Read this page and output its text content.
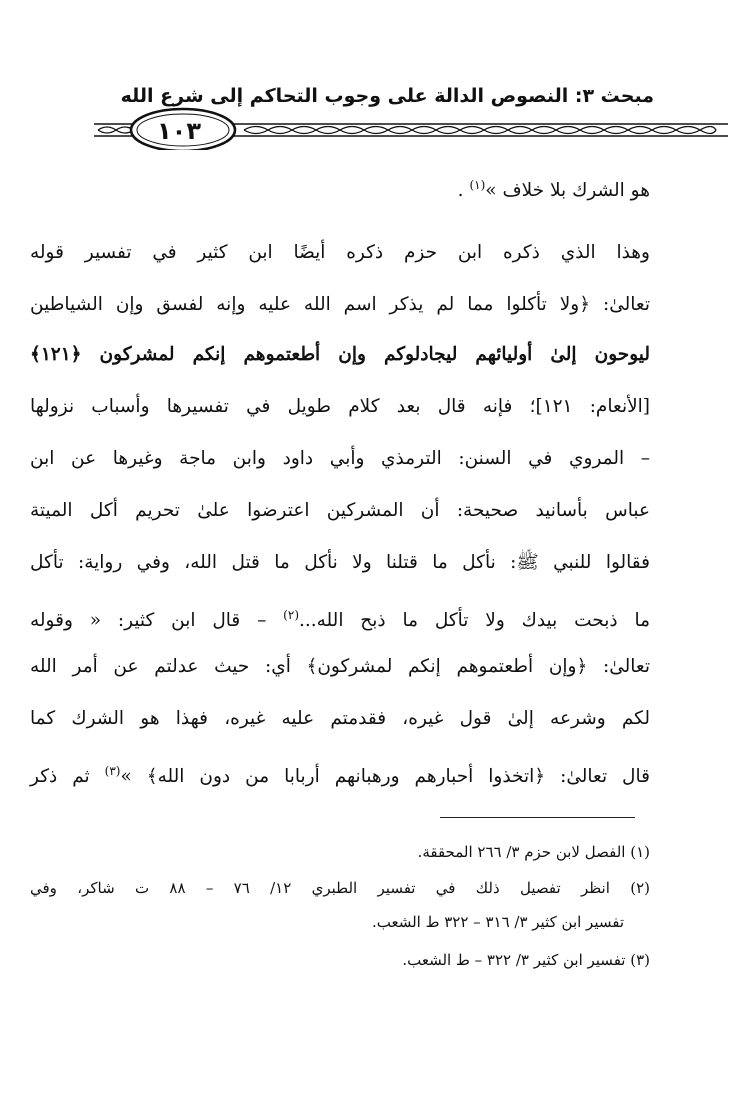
مبحث ٣: النصوص الدالة على وجوب التحاكم إلى شرع الله
١٠٣
هو الشرك بلا خلاف »$^{(١)}$ .
وهذا الذي ذكره ابن حزم ذكره أيضًا ابن كثير في تفسير قوله
تعالىٰ: ﴿ولا تأكلوا مما لم يذكر اسم الله عليه وإنه لفسق وإن الشياطين
ليوحون إلىٰ أوليائهم ليجادلوكم وإن أطعتموهم إنكم لمشركون ﴿١٢١﴾
[الأنعام: ١٢١]؛ فإنه قال بعد كلام طويل في تفسيرها وأسباب نزولها
– المروي في السنن: الترمذي وأبي داود وابن ماجة وغيرها عن ابن
عباس بأسانيد صحيحة: أن المشركين اعترضوا علىٰ تحريم أكل الميتة
فقالوا للنبي ﷺ: نأكل ما قتلنا ولا نأكل ما قتل الله، وفي رواية: تأكل
ما ذبحت بيدك ولا تأكل ما ذبح الله...$^{(٢)}$ – قال ابن كثير: « وقوله
تعالىٰ: ﴿وإن أطعتموهم إنكم لمشركون﴾ أي: حيث عدلتم عن أمر الله
لكم وشرعه إلىٰ قول غيره، فقدمتم عليه غيره، فهذا هو الشرك كما
قال تعالىٰ: ﴿اتخذوا أحبارهم ورهبانهم أربابا من دون الله﴾ »$^{(٣)}$ ثم ذكر
(١) الفصل لابن حزم ٣/ ٢٦٦ المحققة.
(٢) انظر تفصيل ذلك في تفسير الطبري ١٢/ ٧٦ – ٨٨ ت شاكر، وفي
تفسير ابن كثير ٣/ ٣١٦ – ٣٢٢ ط الشعب.
(٣) تفسير ابن كثير ٣/ ٣٢٢ – ط الشعب.
